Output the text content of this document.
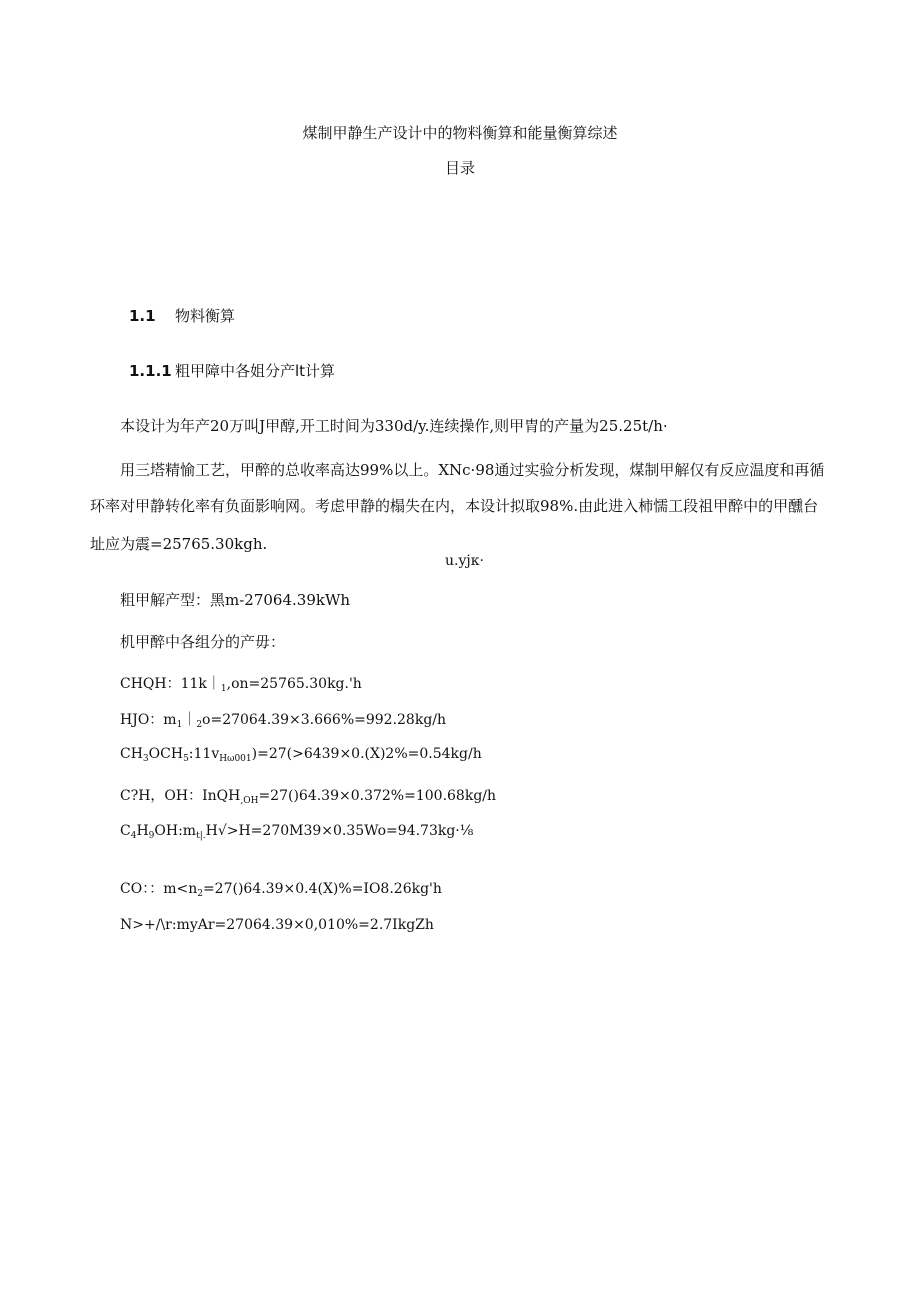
煤制甲静生产设计中的物料衡算和能量衡算综述
目录
1.1 物料衡算
1.1.1 粗甲障中各姐分产lt计算
本设计为年产20万叫J甲醇,开工时间为330d∕y.连续操作,则甲胄的产量为25.25t∕h·
用三塔精愉工艺，甲醉的总收率高达99%以上。XNc·98通过实验分析发现，煤制甲解仅有反应温度和再循
环率对甲静转化率有负面影响网。考虑甲静的榻失在内，本设计拟取98%.由此进入柿懦工段祖甲醉中的甲醺台
址应为震=25765.30kgh.
u.yjκ·
粗甲解产型：黑m-27064.39kWh
机甲醉中各组分的产毋：
CHQH：$11k|_1,on=25765.30kg.'h$
HJO：$m_1|_2o=27064.39\times 3.666\%=992.28kg∕h$
$CH_3OCH_5:11v_{H\omega 001})=27(>6439\times 0.(X)2\%=0.54kg∕h$
C?H，OH：InQH$_{,OH}$=27()64.39×0.372%=100.68kg∕h
$C_4H_9OH:m_{t|.}H√>H=270M39\times 0.35Wo=94.73kg\cdot\frac{1}{8}$
CO：：$m<n_2=27()64.39\times 0.4(X)\%=IO8.26kg'h$
N>+∕\r:myAr=27064.39×0,010%=2.7IkgZh
